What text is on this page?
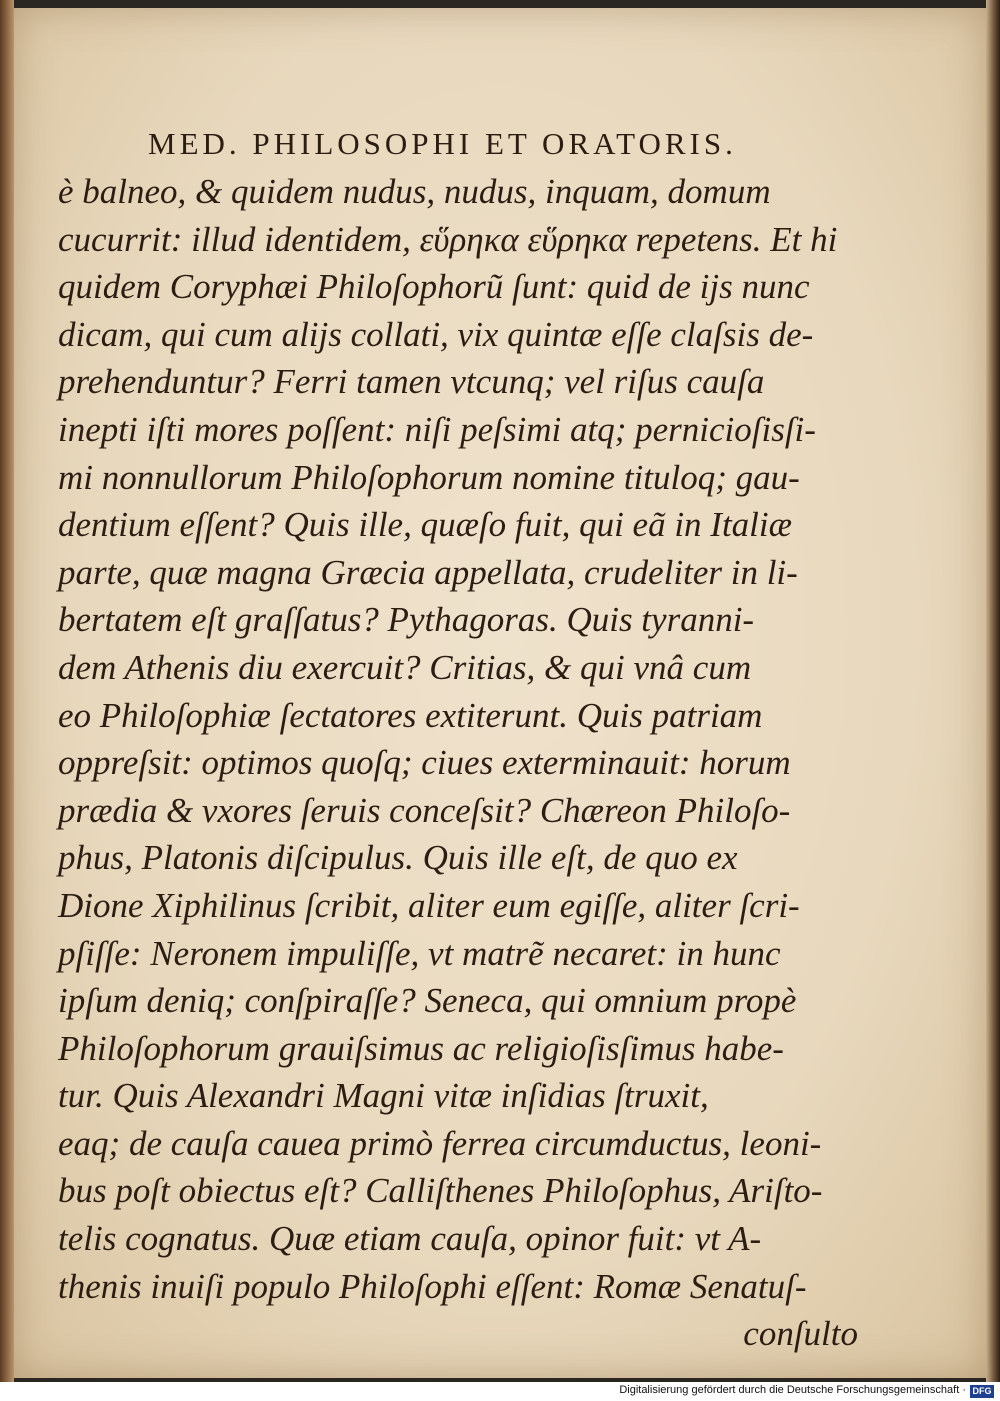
MED. PHILOSOPHI ET ORATORIS.
è balneo, & quidem nudus, nudus, inquam, domum
cucurrit: illud identidem, εὕρηκα εὕρηκα repetens. Et hi
quidem Coryphæi Philoſophorũ ſunt: quid de ijs nunc
dicam, qui cum alijs collati, vix quintæ eſſe claſsis de-
prehenduntur? Ferri tamen vtcunq; vel riſus cauſa
inepti iſti mores poſſent: niſi peſsimi atq; pernicioſisſi-
mi nonnullorum Philoſophorum nomine tituloq; gau-
dentium eſſent? Quis ille, quæſo fuit, qui eã in Italiæ
parte, quæ magna Græcia appellata, crudeliter in li-
bertatem eſt graſſatus? Pythagoras. Quis tyranni-
dem Athenis diu exercuit? Critias, & qui vnâ cum
eo Philoſophiæ ſectatores extiterunt. Quis patriam
oppreſsit: optimos quoſq; ciues exterminauit: horum
prædia & vxores ſeruis conceſsit? Chæreon Philoſo-
phus, Platonis diſcipulus. Quis ille eſt, de quo ex
Dione Xiphilinus ſcribit, aliter eum egiſſe, aliter ſcri-
pſiſſe: Neronem impuliſſe, vt matrẽ necaret: in hunc
ipſum deniq; conſpiraſſe? Seneca, qui omnium propè
Philoſophorum grauiſsimus ac religioſisſimus habe-
tur. Quis Alexandri Magni vitæ inſidias ſtruxit,
eaq; de cauſa cauea primò ferrea circumductus, leoni-
bus poſt obiectus eſt? Calliſthenes Philoſophus, Ariſto-
telis cognatus. Quæ etiam cauſa, opinor fuit: vt A-
thenis inuiſi populo Philoſophi eſſent: Romæ Senatuſ-
conſulto
Digitalisierung gefördert durch die Deutsche Forschungsgemeinschaft · DFG
